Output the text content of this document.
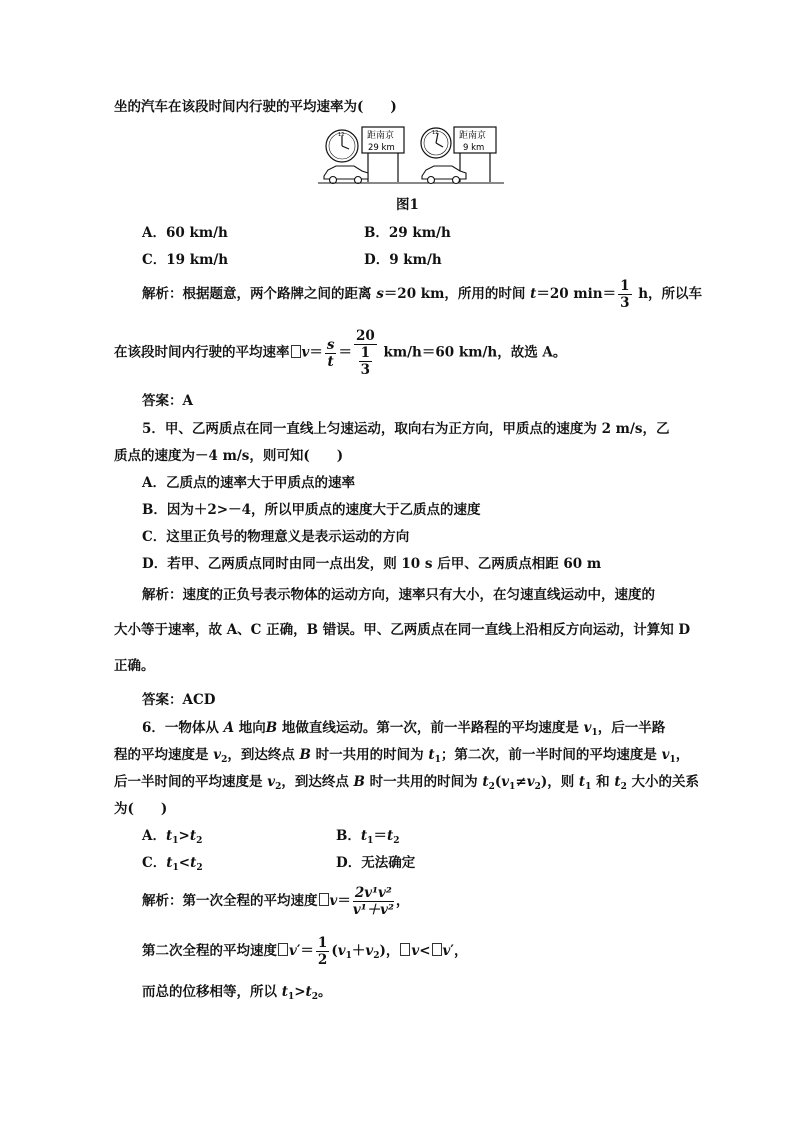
坐的汽车在该段时间内行驶的平均速率为(　　)
12	距南京
29 km
12 距南京
9 km
图1
A．60 km/h	B．29 km/h
C．19 km/h	D．9 km/h
解析：根据题意，两个路牌之间的距离 s＝20 km，所用的时间 t＝20 $\min= \frac{1}{3}$ h，所以车
在该段时间内行驶的平均速率 $v= \frac{s}{t} = \frac{20}{\frac{1}{3}} km/h=60$ km/h，故选 A。
答案：A
5．甲、乙两质点在同一直线上匀速运动，取向右为正方向，甲质点的速度为 2 m/s，乙
质点的速度为－4 m/s，则可知(　　)
A．乙质点的速率大于甲质点的速率
B．因为＋2>－4，所以甲质点的速度大于乙质点的速度
C．这里正负号的物理意义是表示运动的方向
D．若甲、乙两质点同时由同一点出发，则 10 s 后甲、乙两质点相距 60 m
解析：速度的正负号表示物体的运动方向，速率只有大小，在匀速直线运动中，速度的
大小等于速率，故 A、C 正确，B 错误。甲、乙两质点在同一直线上沿相反方向运动，计算知 D
正确。
答案：ACD
6．一物体从 A 地向B 地做直线运动。第一次，前一半路程的平均速度是 $v_1$，后一半路
程的平均速度是 $v_2$，到达终点 B 时一共用的时间为 $t_1$；第二次，前一半时间的平均速度是 $v_1$，
后一半时间的平均速度是 $v_2$，到达终点 B 时一共用的时间为 $t_2(v_1\ne v_2)$，则 $t_1$ 和 $t_2$ 大小的关系
为(　　)
A．$t_1>t_2$	B．$t_1=t_2$
C．$t_1<t_2$	D．无法确定
解析：第一次全程的平均速度 $v= \frac{\text{2v¹v²}}{\text{v¹＋v²}}$ ，
第二次全程的平均速度 $v'= \frac{1}{2} (v_1+v_2)$， v< v′，
而总的位移相等，所以 $t_1>t_2$。
